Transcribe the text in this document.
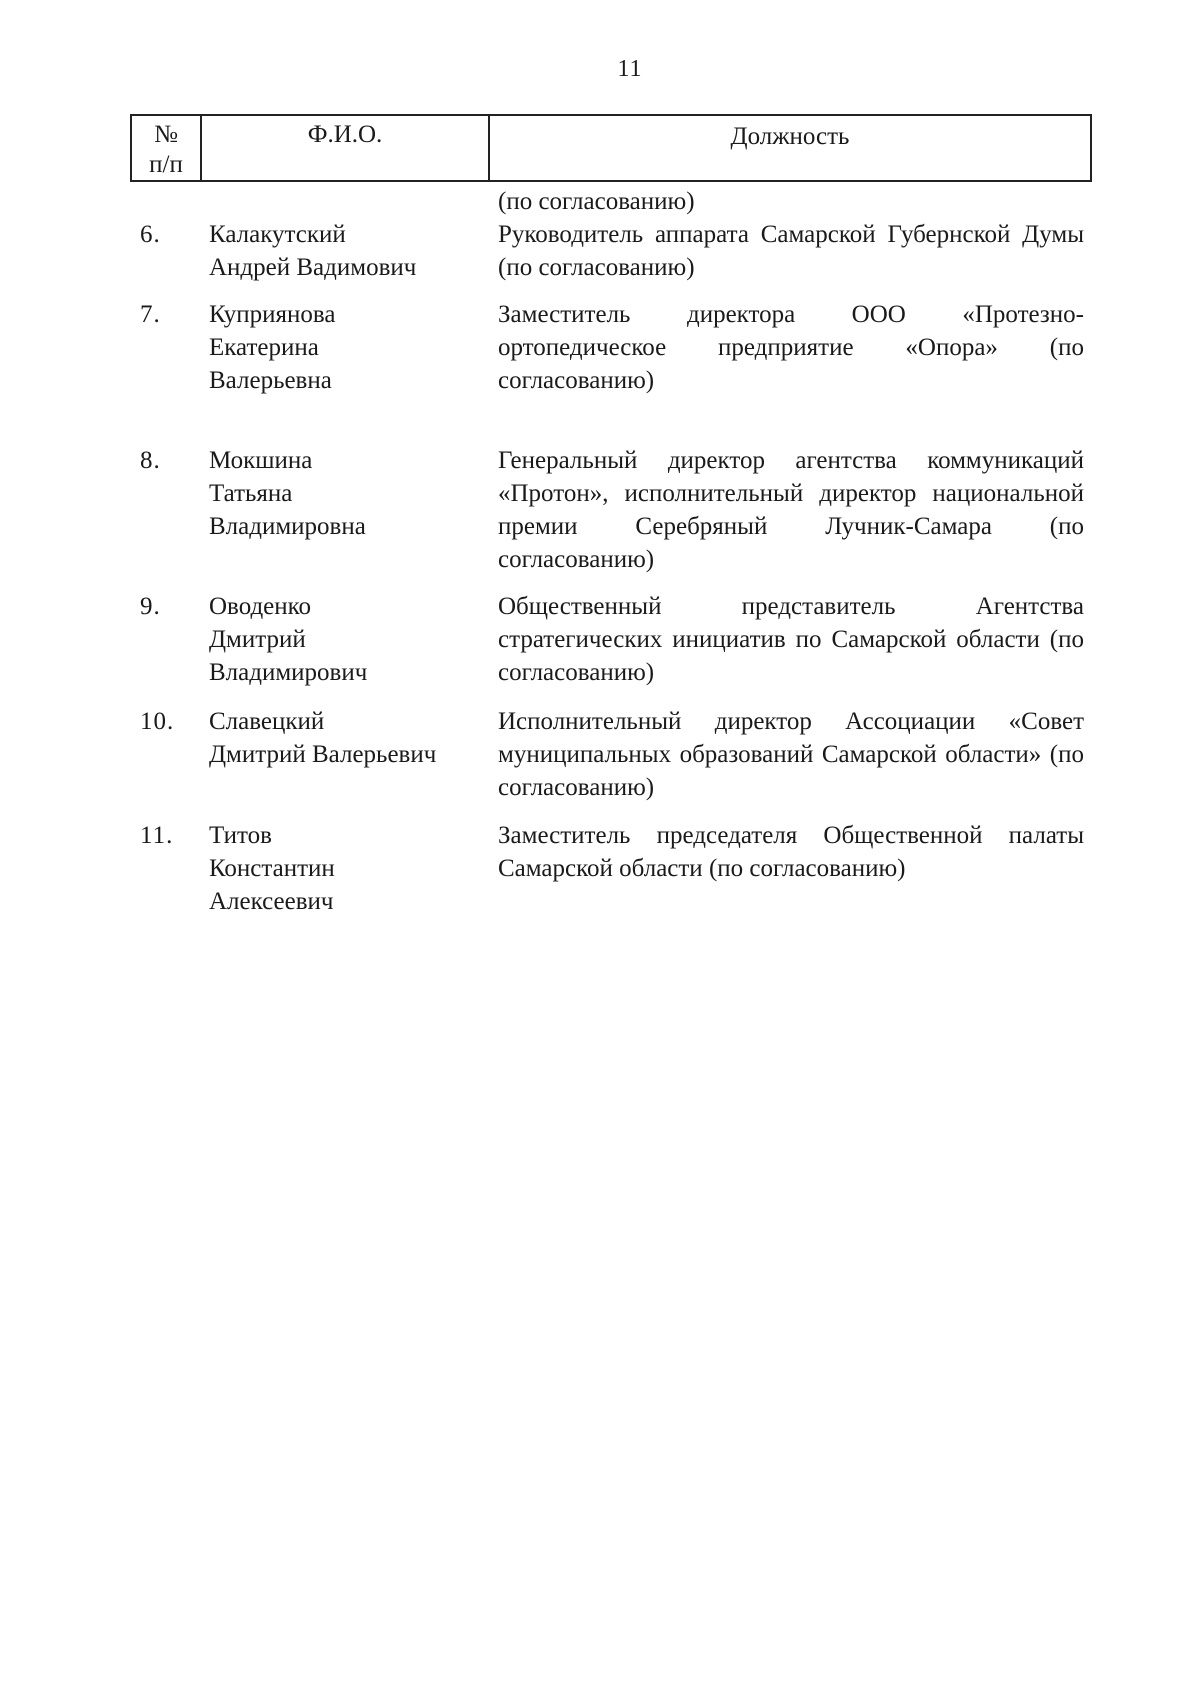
11
№
п/п
Ф.И.О.	Должность
(по согласованию)
6. Калакутский
Андрей Вадимович
Руководитель аппарата Самарской Губернской Думы (по согласованию)
7. Куприянова
Екатерина
Валерьевна
Заместитель директора ООО «Протезно-ортопедическое предприятие «Опора» (по согласованию)
8. Мокшина
Татьяна
Владимировна
Генеральный директор агентства коммуникаций «Протон», исполнительный директор национальной премии Серебряный Лучник-Самара (по согласованию)
9. Оводенко
Дмитрий
Владимирович
Общественный представитель Агентства стратегических инициатив по Самарской области (по согласованию)
10. Славецкий
Дмитрий Валерьевич
Исполнительный директор Ассоциации «Совет муниципальных образований Самарской области» (по согласованию)
11. Титов
Константин
Алексеевич
Заместитель председателя Общественной палаты Самарской области (по согласованию)
